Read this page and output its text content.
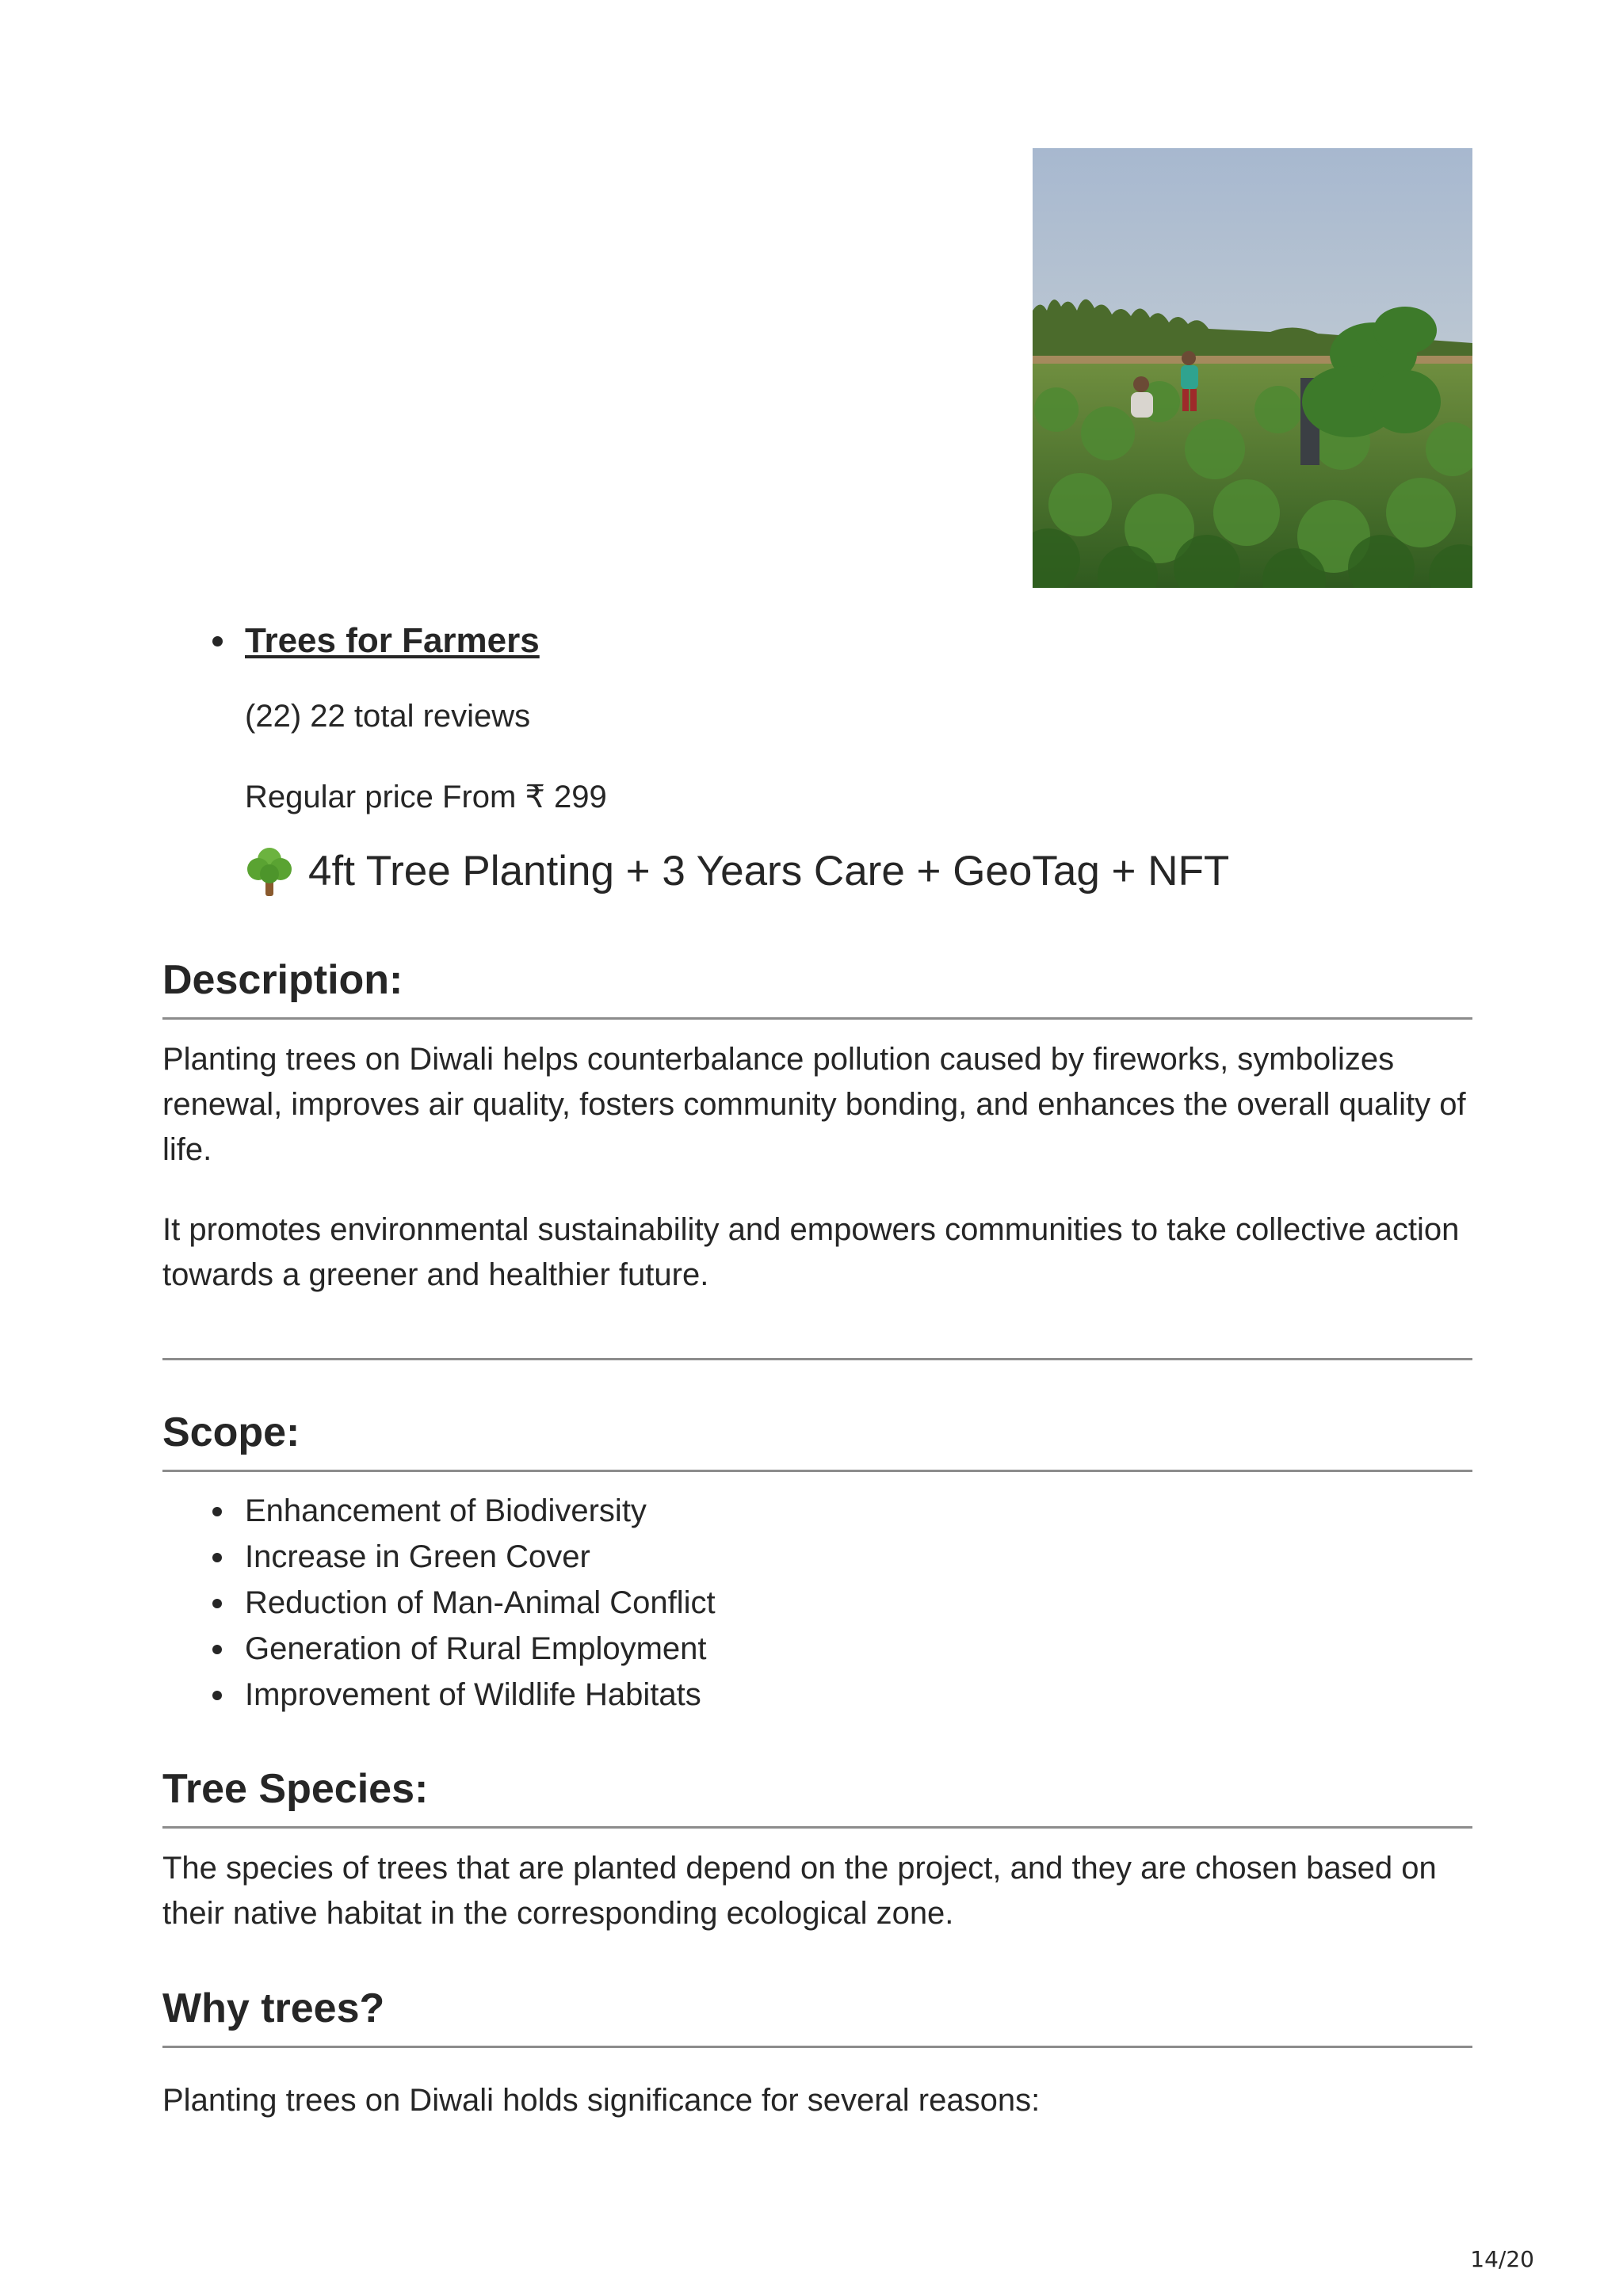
Trees for Farmers
(22) 22 total reviews
Regular price From ₹ 299
4ft Tree Planting + 3 Years Care + GeoTag + NFT
Description:

Planting trees on Diwali helps counterbalance pollution caused by fireworks, symbolizes renewal, improves air quality, fosters community bonding, and enhances the overall quality of life.

It promotes environmental sustainability and empowers communities to take collective action towards a greener and healthier future.

Scope:
Enhancement of Biodiversity
Increase in Green Cover
Reduction of Man-Animal Conflict
Generation of Rural Employment
Improvement of Wildlife Habitats
Tree Species:

The species of trees that are planted depend on the project, and they are chosen based on their native habitat in the corresponding ecological zone.

Why trees?

Planting trees on Diwali holds significance for several reasons:

14/20
